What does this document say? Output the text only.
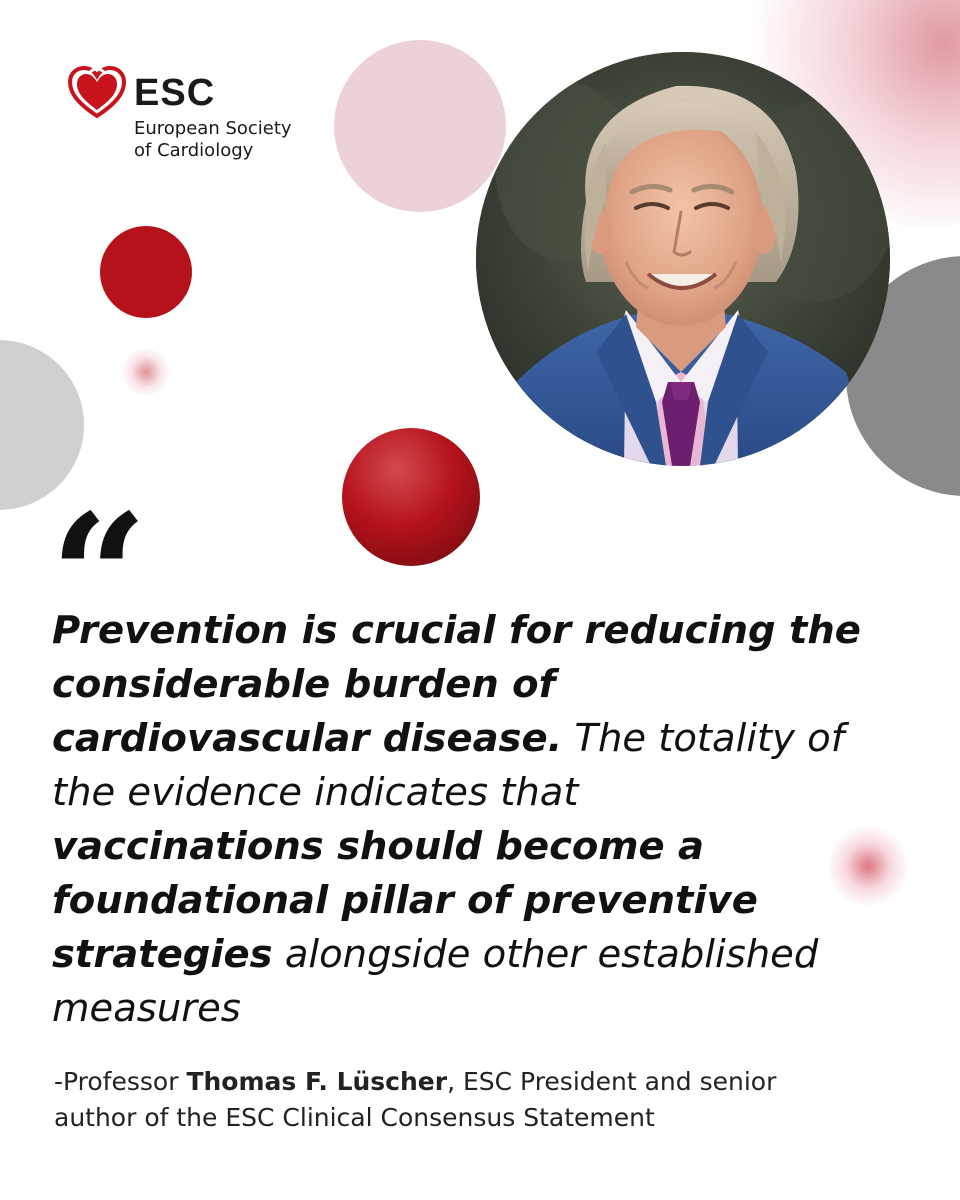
ESC
European Society
of Cardiology
“
Prevention is crucial for reducing the
considerable burden of
cardiovascular disease. The totality of
the evidence indicates that
vaccinations should become a
foundational pillar of preventive
strategies alongside other established
measures
-Professor Thomas F. Lüscher, ESC President and senior
author of the ESC Clinical Consensus Statement
